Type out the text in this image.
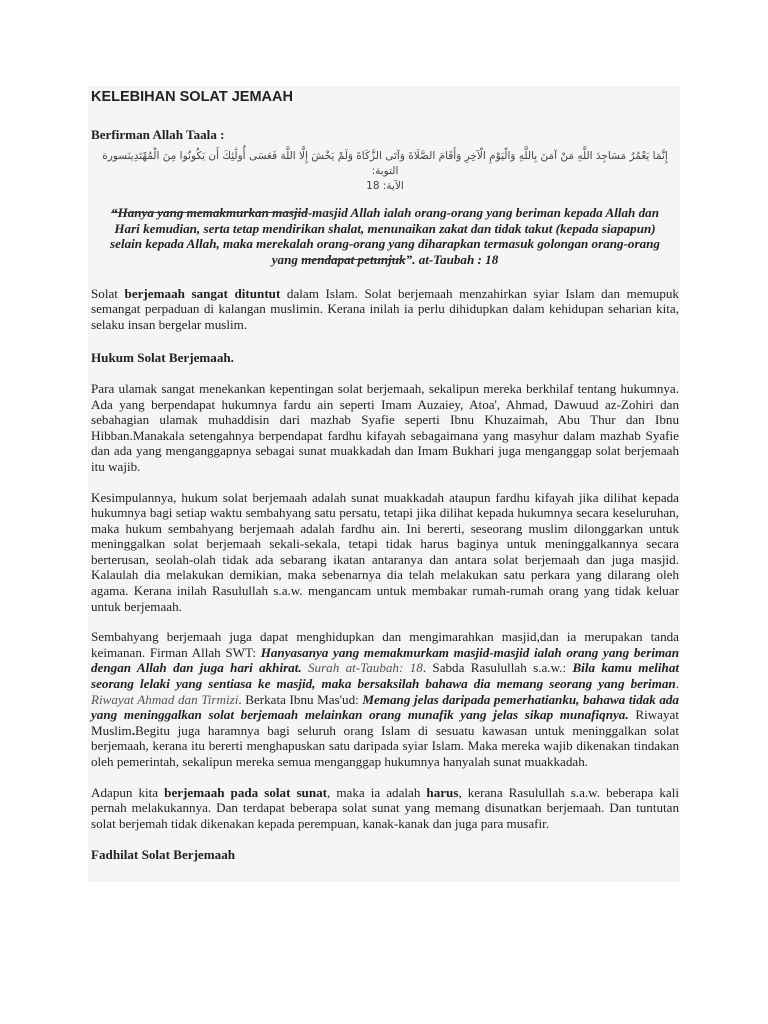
KELEBIHAN SOLAT JEMAAH

Berfirman Allah Taala :

إِنَّمَا يَعْمُرُ مَسَاجِدَ اللَّهِ مَنْ آمَنَ بِاللَّهِ وَالْيَوْمِ الْآخِرِ وَأَقَامَ الصَّلَاةَ وَآتَى الزَّكَاةَ وَلَمْ يَخْشَ إِلَّا اللَّهَ فَعَسَى أُولَٰئِكَ أَن يَكُونُوا مِنَ الْمُهْتَدِينَسورة التوبة:

الآية: 18

“Hanya yang memakmurkan masjid-masjid Allah ialah orang-orang yang beriman kepada Allah dan Hari kemudian, serta tetap mendirikan shalat, menunaikan zakat dan tidak takut (kepada siapapun) selain kepada Allah, maka merekalah orang-orang yang diharapkan termasuk golongan orang-orang yang mendapat petunjuk”. at-Taubah : 18

Solat berjemaah sangat dituntut dalam Islam. Solat berjemaah menzahirkan syiar Islam dan memupuk semangat perpaduan di kalangan muslimin. Kerana inilah ia perlu dihidupkan dalam kehidupan seharian kita, selaku insan bergelar muslim.

Hukum Solat Berjemaah.

Para ulamak sangat menekankan kepentingan solat berjemaah, sekalipun mereka berkhilaf tentang hukumnya. Ada yang berpendapat hukumnya fardu ain seperti Imam Auzaiey, Atoa', Ahmad, Dawuud az-Zohiri dan sebahagian ulamak muhaddisin dari mazhab Syafie seperti Ibnu Khuzaimah, Abu Thur dan Ibnu Hibban.Manakala setengahnya berpendapat fardhu kifayah sebagaimana yang masyhur dalam mazhab Syafie dan ada yang menganggapnya sebagai sunat muakkadah dan Imam Bukhari juga menganggap solat berjemaah itu wajib.

Kesimpulannya, hukum solat berjemaah adalah sunat muakkadah ataupun fardhu kifayah jika dilihat kepada hukumnya bagi setiap waktu sembahyang satu persatu, tetapi jika dilihat kepada hukumnya secara keseluruhan, maka hukum sembahyang berjemaah adalah fardhu ain. Ini bererti, seseorang muslim dilonggarkan untuk meninggalkan solat berjemaah sekali-sekala, tetapi tidak harus baginya untuk meninggalkannya secara berterusan, seolah-olah tidak ada sebarang ikatan antaranya dan antara solat berjemaah dan juga masjid. Kalaulah dia melakukan demikian, maka sebenarnya dia telah melakukan satu perkara yang dilarang oleh agama. Kerana inilah Rasulullah s.a.w. mengancam untuk membakar rumah-rumah orang yang tidak keluar untuk berjemaah.

Sembahyang berjemaah juga dapat menghidupkan dan mengimarahkan masjid,dan ia merupakan tanda keimanan. Firman Allah SWT: Hanyasanya yang memakmurkam masjid-masjid ialah orang yang beriman dengan Allah dan juga hari akhirat. Surah at-Taubah: 18. Sabda Rasulullah s.a.w.: Bila kamu melihat seorang lelaki yang sentiasa ke masjid, maka bersaksilah bahawa dia memang seorang yang beriman. Riwayat Ahmad dan Tirmizi. Berkata Ibnu Mas'ud: Memang jelas daripada pemerhatianku, bahawa tidak ada yang meninggalkan solat berjemaah melainkan orang munafik yang jelas sikap munafiqnya. Riwayat Muslim.Begitu juga haramnya bagi seluruh orang Islam di sesuatu kawasan untuk meninggalkan solat berjemaah, kerana itu bererti menghapuskan satu daripada syiar Islam. Maka mereka wajib dikenakan tindakan oleh pemerintah, sekalipun mereka semua menganggap hukumnya hanyalah sunat muakkadah.

Adapun kita berjemaah pada solat sunat, maka ia adalah harus, kerana Rasulullah s.a.w. beberapa kali pernah melakukannya. Dan terdapat beberapa solat sunat yang memang disunatkan berjemaah. Dan tuntutan solat berjemah tidak dikenakan kepada perempuan, kanak-kanak dan juga para musafir.

Fadhilat Solat Berjemaah
